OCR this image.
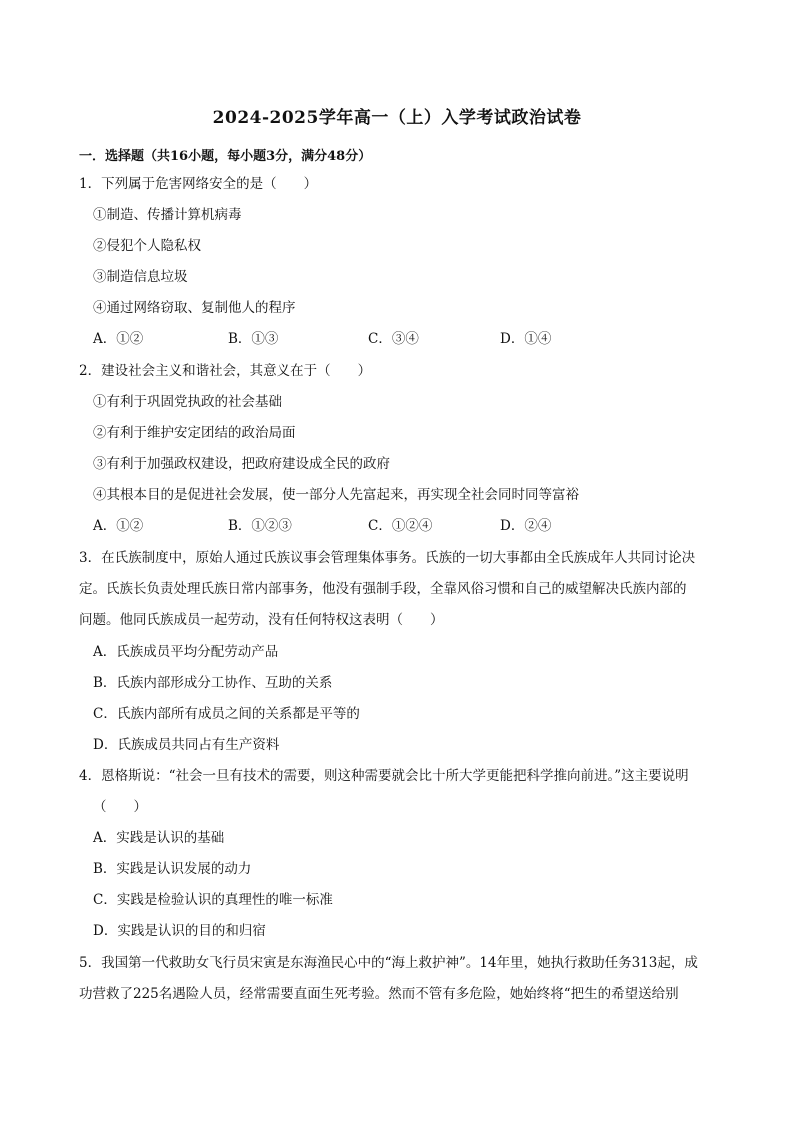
2024-2025学年高一（上）入学考试政治试卷
一．选择题（共16小题，每小题3分，满分48分）
1．下列属于危害网络安全的是（　　）
①制造、传播计算机病毒
②侵犯个人隐私权
③制造信息垃圾
④通过网络窃取、复制他人的程序
A．①②	B．①③	C．③④	D．①④
2．建设社会主义和谐社会，其意义在于（　　）
①有利于巩固党执政的社会基础
②有利于维护安定团结的政治局面
③有利于加强政权建设，把政府建设成全民的政府
④其根本目的是促进社会发展，使一部分人先富起来，再实现全社会同时同等富裕
A．①②	B．①②③	C．①②④	D．②④
3．在氏族制度中，原始人通过氏族议事会管理集体事务。氏族的一切大事都由全氏族成年人共同讨论决
定。氏族长负责处理氏族日常内部事务，他没有强制手段，全靠风俗习惯和自己的威望解决氏族内部的
问题。他同氏族成员一起劳动，没有任何特权这表明（　　）
A．氏族成员平均分配劳动产品
B．氏族内部形成分工协作、互助的关系
C．氏族内部所有成员之间的关系都是平等的
D．氏族成员共同占有生产资料
4．恩格斯说：“社会一旦有技术的需要，则这种需要就会比十所大学更能把科学推向前进。”这主要说明
（　　）
A．实践是认识的基础
B．实践是认识发展的动力
C．实践是检验认识的真理性的唯一标准
D．实践是认识的目的和归宿
5．我国第一代救助女飞行员宋寅是东海渔民心中的“海上救护神”。14年里，她执行救助任务313起，成
功营救了225名遇险人员，经常需要直面生死考验。然而不管有多危险，她始终将“把生的希望送给别
